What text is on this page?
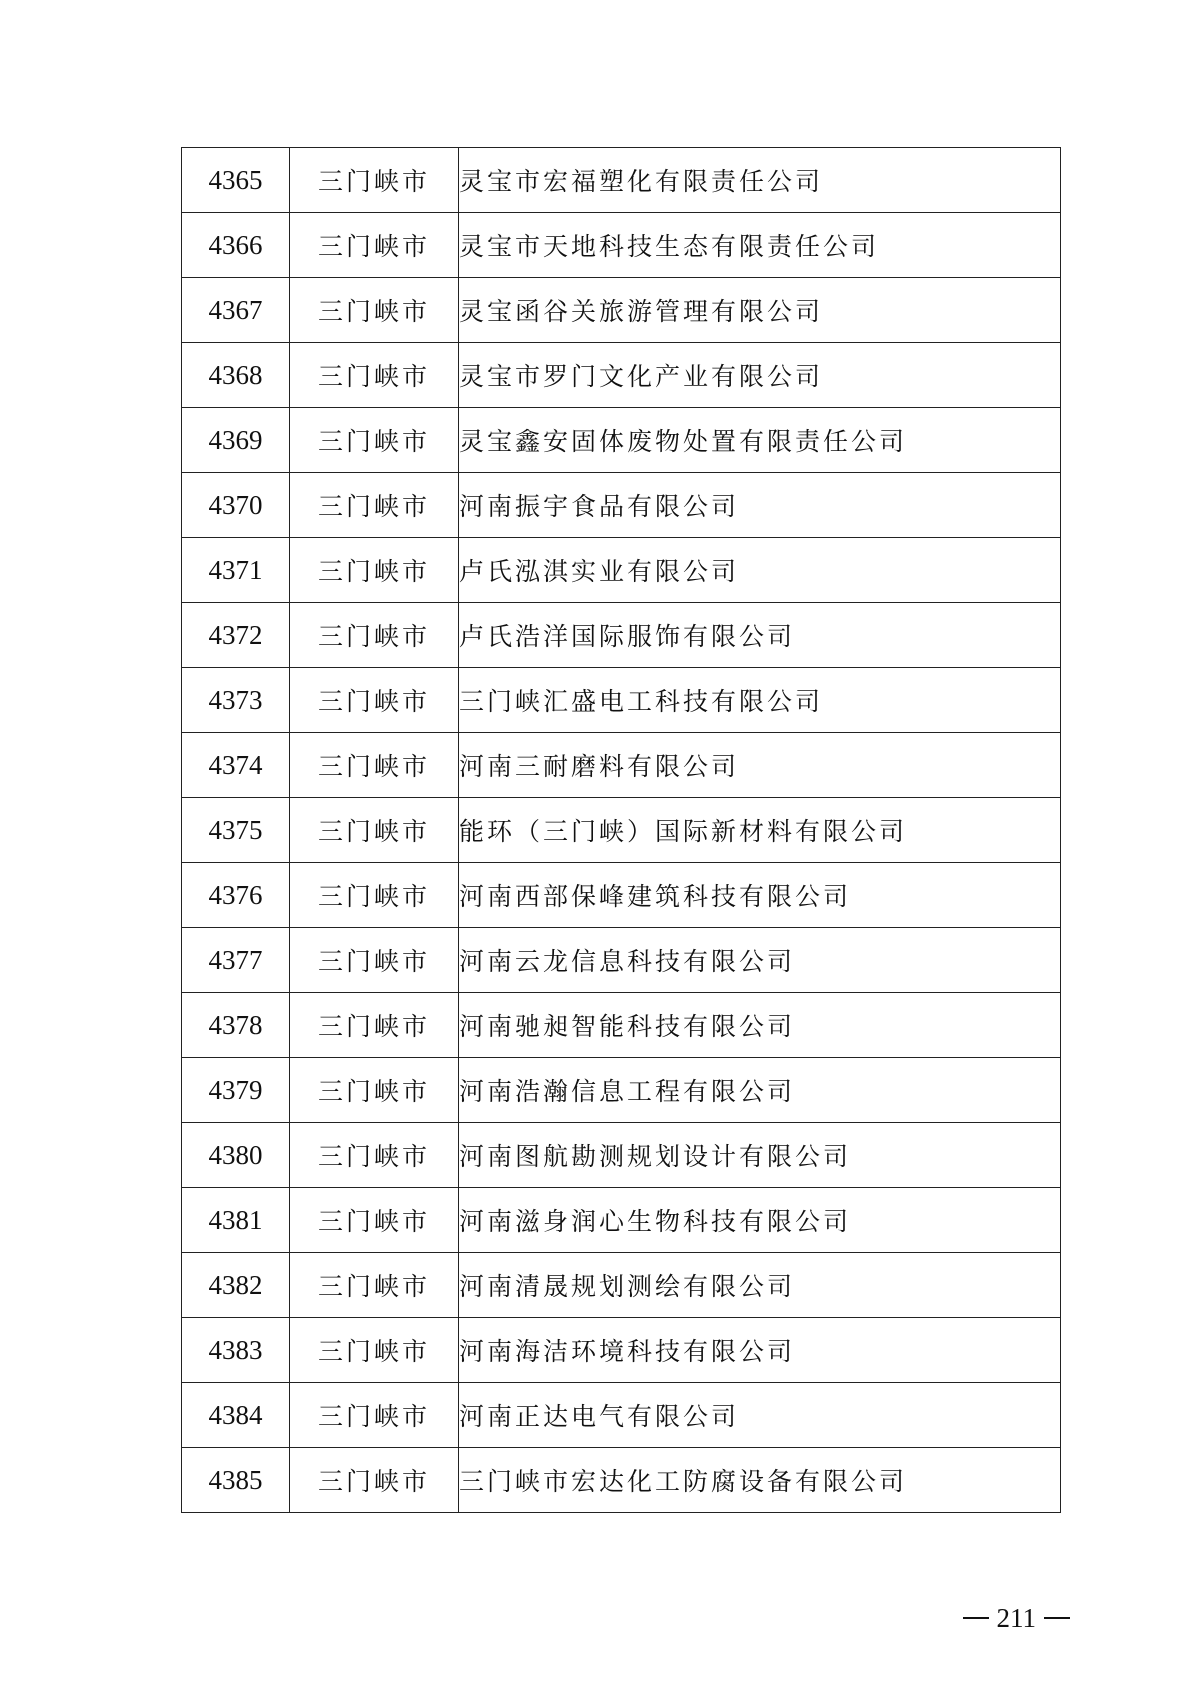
4365	三门峡市	灵宝市宏福塑化有限责任公司
4366	三门峡市	灵宝市天地科技生态有限责任公司
4367	三门峡市	灵宝函谷关旅游管理有限公司
4368	三门峡市	灵宝市罗门文化产业有限公司
4369	三门峡市	灵宝鑫安固体废物处置有限责任公司
4370	三门峡市	河南振宇食品有限公司
4371	三门峡市	卢氏泓淇实业有限公司
4372	三门峡市	卢氏浩洋国际服饰有限公司
4373	三门峡市	三门峡汇盛电工科技有限公司
4374	三门峡市	河南三耐磨料有限公司
4375	三门峡市	能环（三门峡）国际新材料有限公司
4376	三门峡市	河南西部保峰建筑科技有限公司
4377	三门峡市	河南云龙信息科技有限公司
4378	三门峡市	河南驰昶智能科技有限公司
4379	三门峡市	河南浩瀚信息工程有限公司
4380	三门峡市	河南图航勘测规划设计有限公司
4381	三门峡市	河南滋身润心生物科技有限公司
4382	三门峡市	河南清晟规划测绘有限公司
4383	三门峡市	河南海洁环境科技有限公司
4384	三门峡市	河南正达电气有限公司
4385	三门峡市	三门峡市宏达化工防腐设备有限公司
211
